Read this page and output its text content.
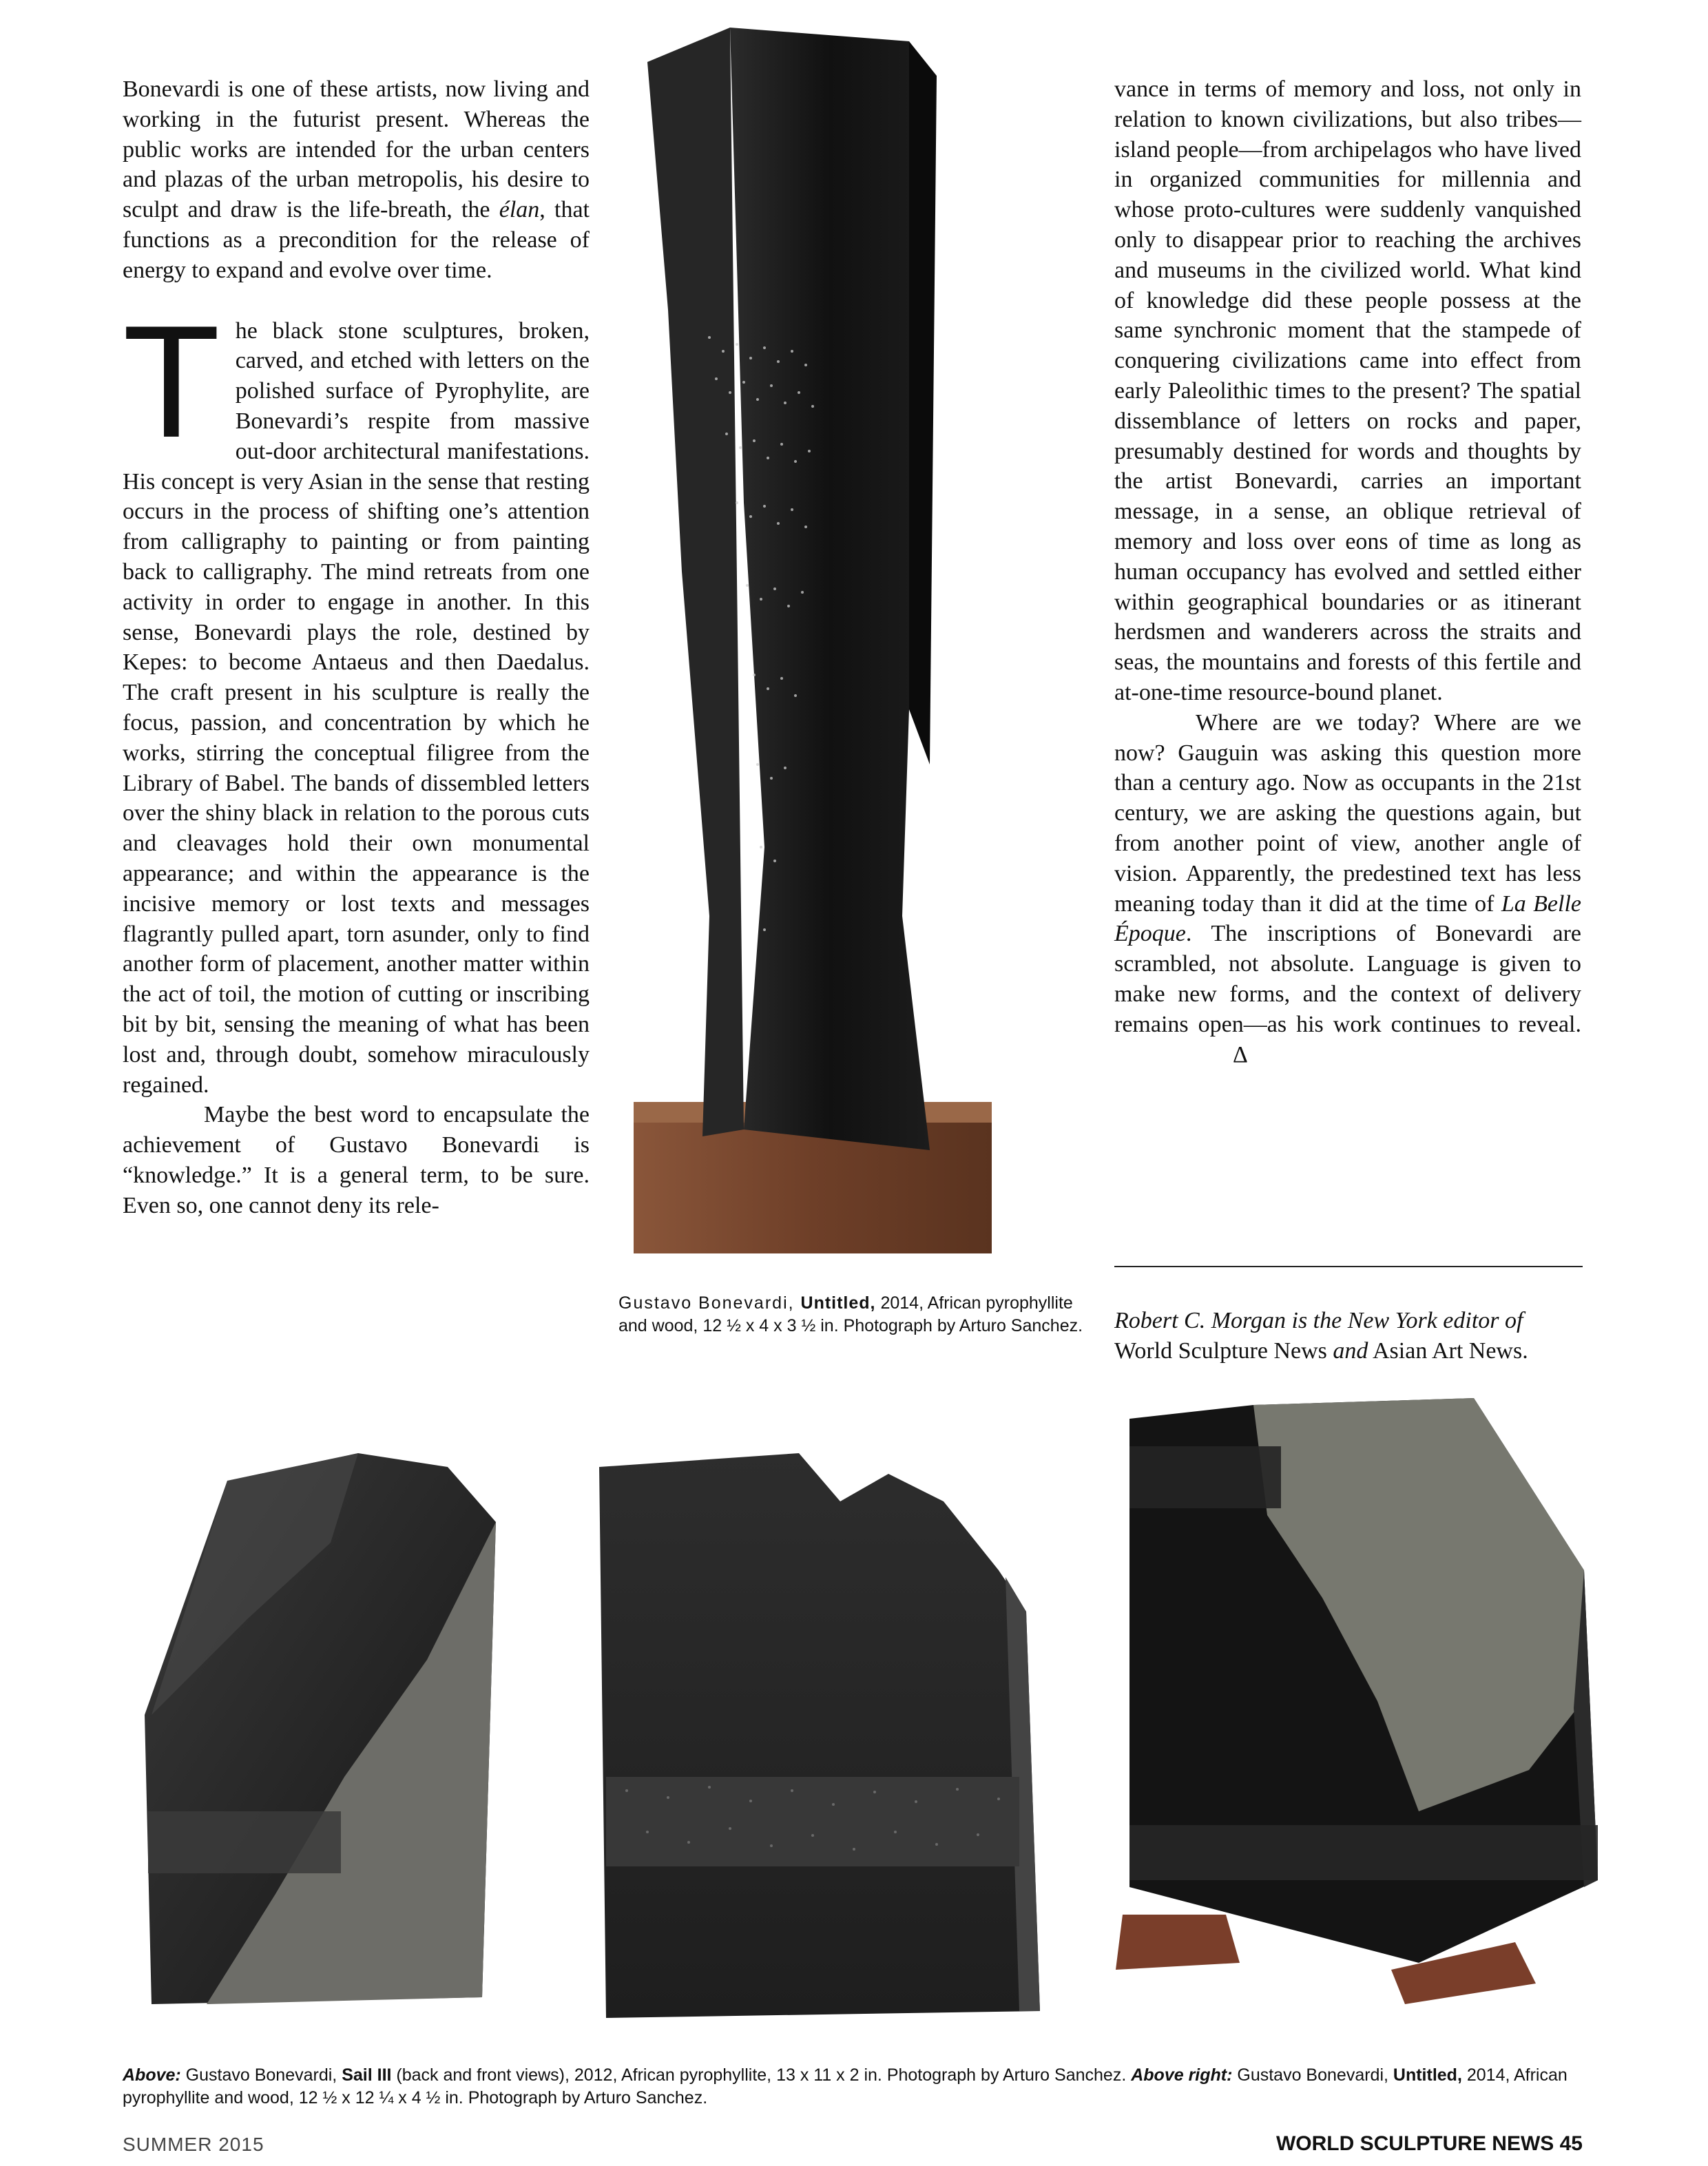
Bonevardi is one of these artists, now living and working in the futurist present. Whereas the public works are intended for the urban centers and plazas of the urban metropolis, his desire to sculpt and draw is the life-breath, the élan, that functions as a precondition for the release of energy to expand and evolve over time.

The black stone sculptures, broken, carved, and etched with letters on the polished surface of Pyrophylite, are Bonevardi’s respite from massive out-door architectural manifestations. His concept is very Asian in the sense that resting occurs in the process of shifting one’s attention from calligraphy to painting or from painting back to calligraphy. The mind retreats from one activity in order to engage in another. In this sense, Bonevardi plays the role, destined by Kepes: to become Antaeus and then Daedalus. The craft present in his sculpture is really the focus, passion, and concentration by which he works, stirring the conceptual filigree from the Library of Babel. The bands of dissembled letters over the shiny black in relation to the porous cuts and cleavages hold their own monumental appearance; and within the appearance is the incisive memory or lost texts and messages flagrantly pulled apart, torn asunder, only to find another form of placement, another matter within the act of toil, the motion of cutting or inscribing bit by bit, sensing the meaning of what has been lost and, through doubt, somehow miraculously regained.

Maybe the best word to encapsulate the achievement of Gustavo Bonevardi is “knowledge.” It is a general term, to be sure. Even so, one cannot deny its rele-

vance in terms of memory and loss, not only in relation to known civilizations, but also tribes—island people—from archipelagos who have lived in organized communities for millennia and whose proto-cultures were suddenly vanquished only to disappear prior to reaching the archives and museums in the civilized world. What kind of knowledge did these people possess at the same synchronic moment that the stampede of conquering civilizations came into effect from early Paleolithic times to the present? The spatial dissemblance of letters on rocks and paper, presumably destined for words and thoughts by the artist Bonevardi, carries an important message, in a sense, an oblique retrieval of memory and loss over eons of time as long as human occupancy has evolved and settled either within geographical boundaries or as itinerant herdsmen and wanderers across the straits and seas, the mountains and forests of this fertile and at-one-time resource-bound planet.

Where are we today? Where are we now? Gauguin was asking this question more than a century ago. Now as occupants in the 21st century, we are asking the questions again, but from another point of view, another angle of vision. Apparently, the predestined text has less meaning today than it did at the time of La Belle Époque. The inscriptions of Bonevardi are scrambled, not absolute. Language is given to make new forms, and the context of delivery remains open—as his work continues to reveal.Δ

Robert C. Morgan is the New York editor of
World Sculpture News and Asian Art News.
Gustavo Bonevardi, Untitled, 2014, African pyrophyllite and wood, 12 ½ x 4 x 3 ½ in. Photograph by Arturo Sanchez.
Above: Gustavo Bonevardi, Sail III (back and front views), 2012, African pyrophyllite, 13 x 11 x 2 in. Photograph by Arturo Sanchez. Above right: Gustavo Bonevardi, Untitled, 2014, African pyrophyllite and wood, 12 ½ x 12 ¼ x 4 ½ in. Photograph by Arturo Sanchez.
SUMMER 2015	WORLD SCULPTURE NEWS 45
